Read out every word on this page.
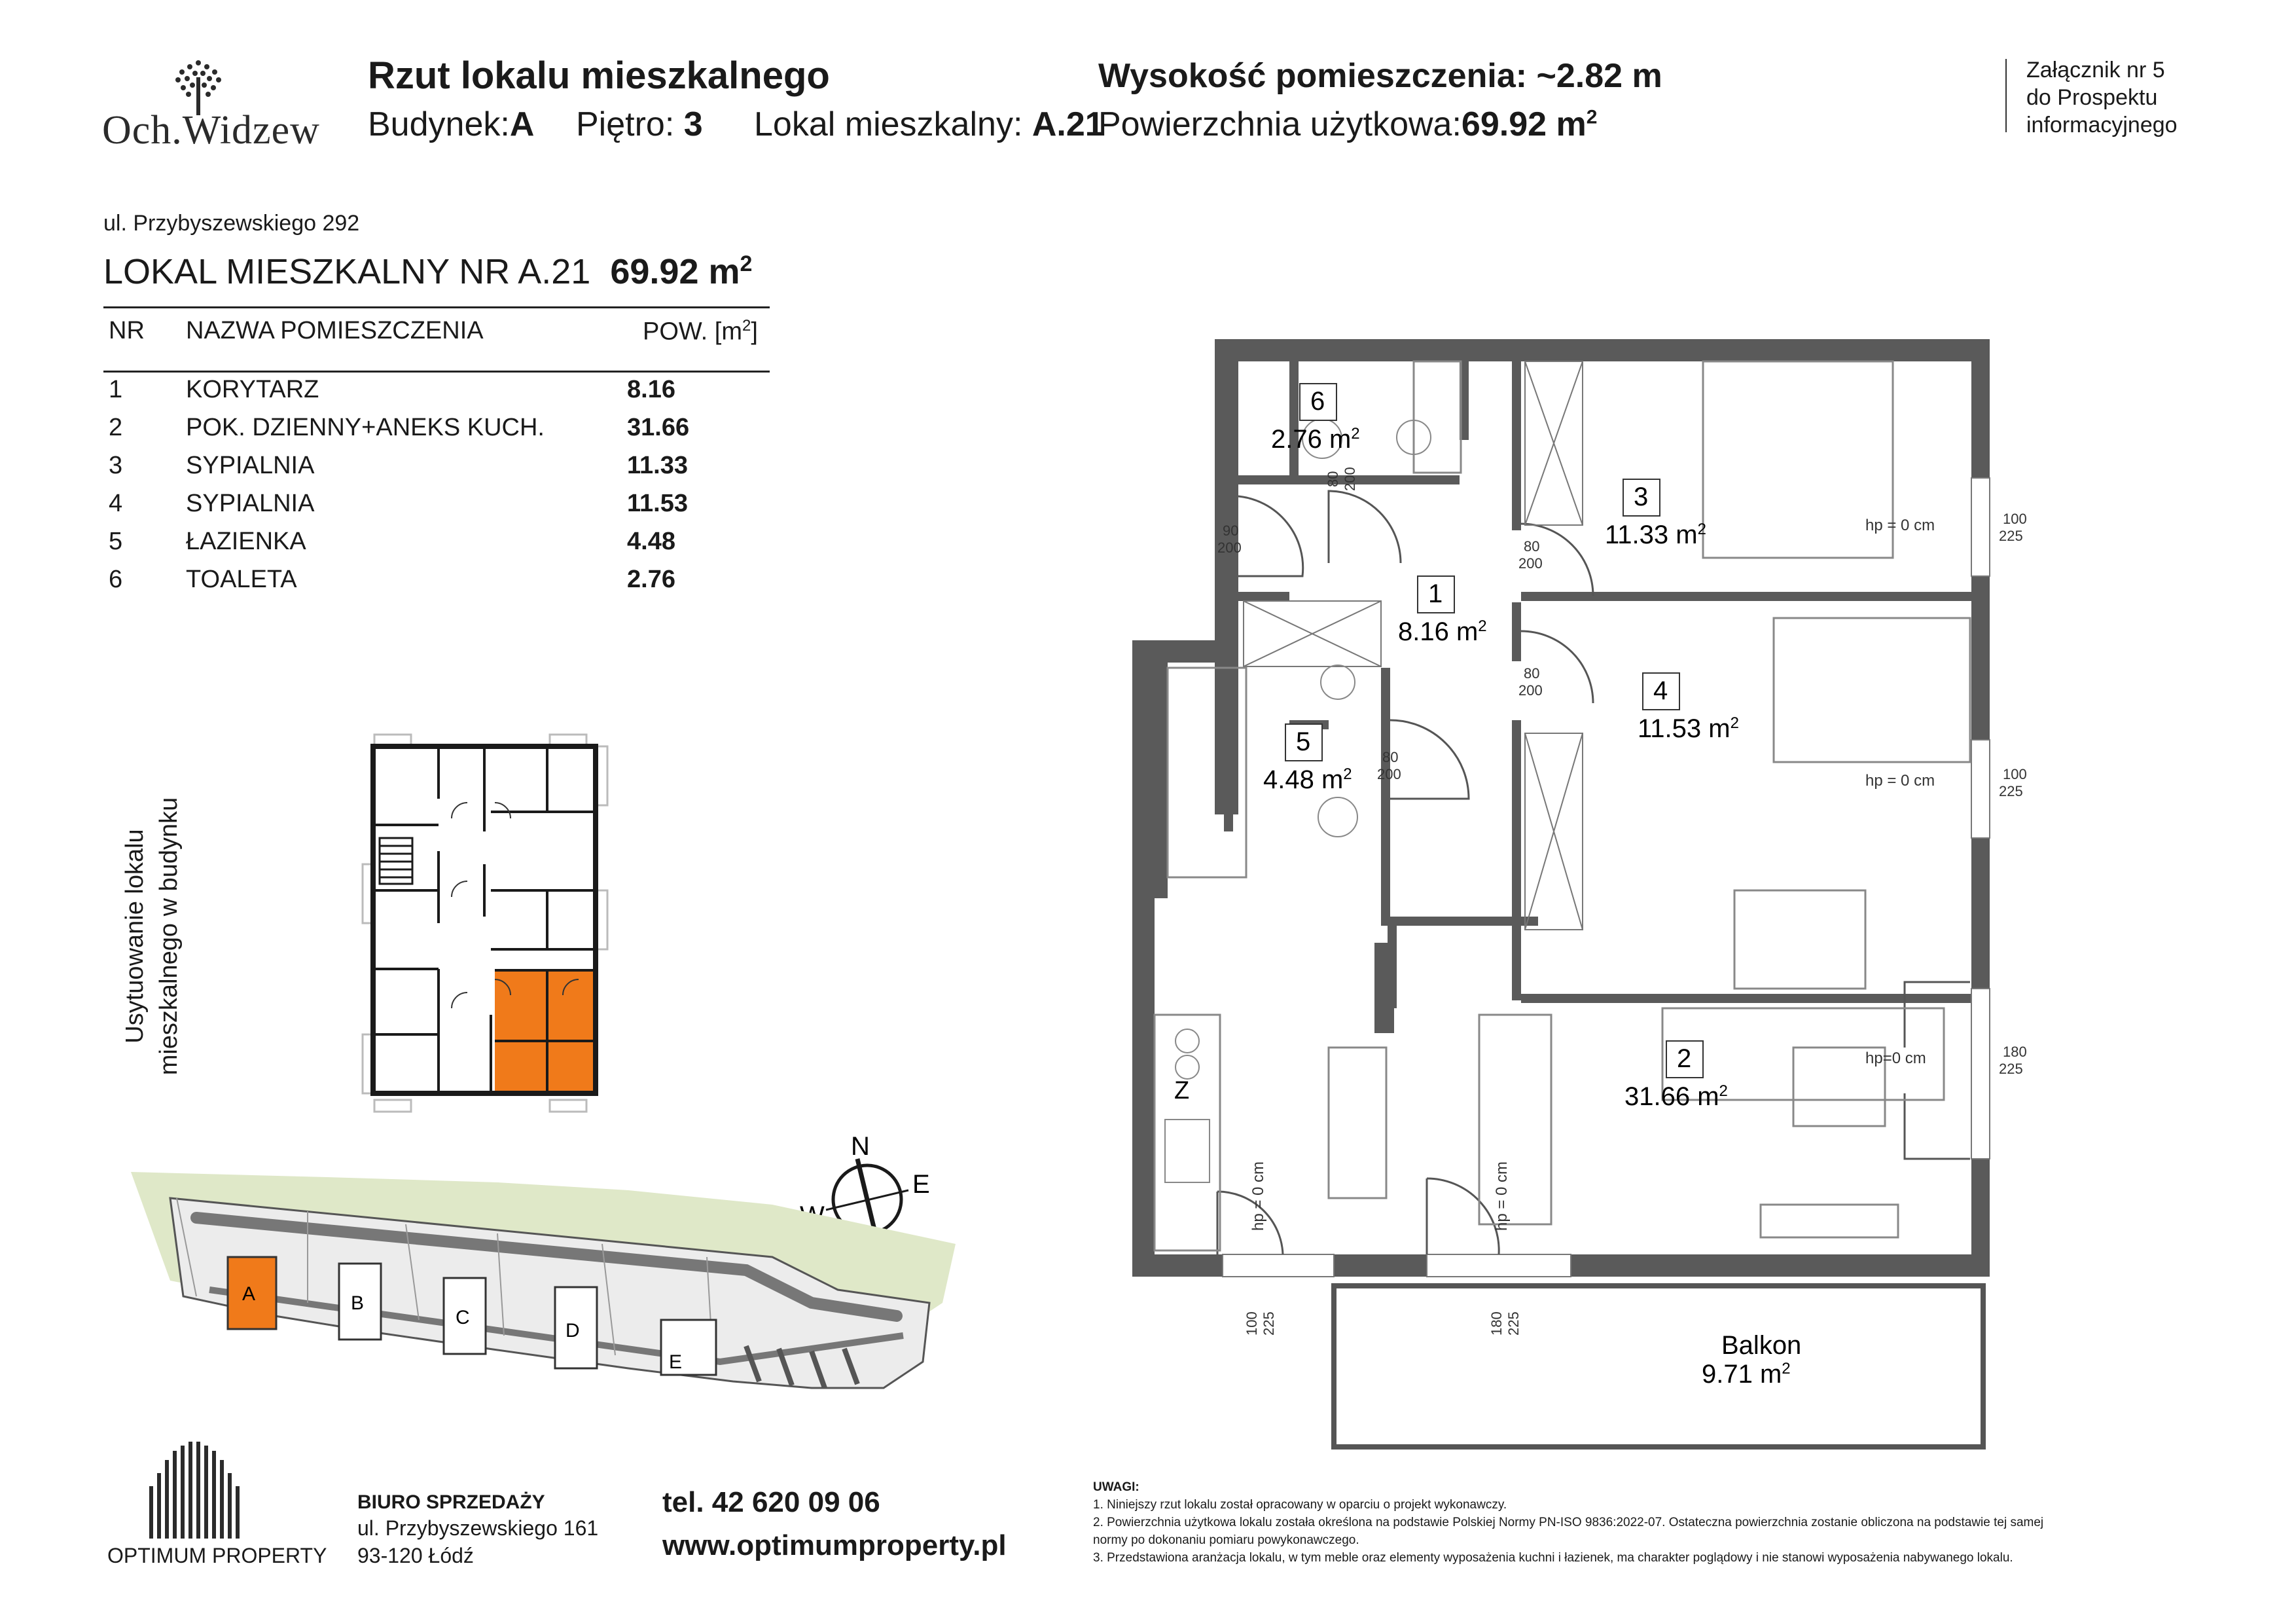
Och.Widzew
Rzut lokalu mieszkalnego
Budynek:A Piętro: 3 Lokal mieszkalny: A.21
Wysokość pomieszczenia: ~2.82 m
Powierzchnia użytkowa:69.92 $m^2$
Załącznik nr 5
do Prospektu
informacyjnego
ul. Przybyszewskiego 292
LOKAL MIESZKALNY NR A.21 69.92 $m^2$
NR NAZWA POMIESZCZENIA	POW. $[m^2]$
1	KORYTARZ	8.16
2	POK. DZIENNY+ANEKS KUCH.	31.66
3	SYPIALNIA	11.33
4	SYPIALNIA	11.53
5	ŁAZIENKA	4.48
6	TOALETA	2.76
Usytuowanie lokalu mieszkalnego w budynku
N
E
A	B
C
D
E
6
2.76 $m^2$
3
11.33 $m^2$
1
8.16 $m^2$
4
11.53 $m^2$
5
4.48 $m^2$
2
31.66 $m^2$
Balkon
9.71 $m^2$
Z
80 200
90
200	80
200
80
200
80
200
100
225
100
225
180
225
100 225	180 225
hp = 0 cm
hp = 0 cm
hp=0 cm
hp = 0 cm	hp = 0 cm
OPTIMUM PROPERTY
BIURO SPRZEDAŻY
ul. Przybyszewskiego 161
93-120 Łódź
tel. 42 620 09 06
www.optimumproperty.pl
UWAGI:
1. Niniejszy rzut lokalu został opracowany w oparciu o projekt wykonawczy.
2. Powierzchnia użytkowa lokalu została określona na podstawie Polskiej Normy PN-ISO 9836:2022-07. Ostateczna powierzchnia zostanie obliczona na podstawie tej samej
normy po dokonaniu pomiaru powykonawczego.
3. Przedstawiona aranżacja lokalu, w tym meble oraz elementy wyposażenia kuchni i łazienek, ma charakter poglądowy i nie stanowi wyposażenia nabywanego lokalu.
